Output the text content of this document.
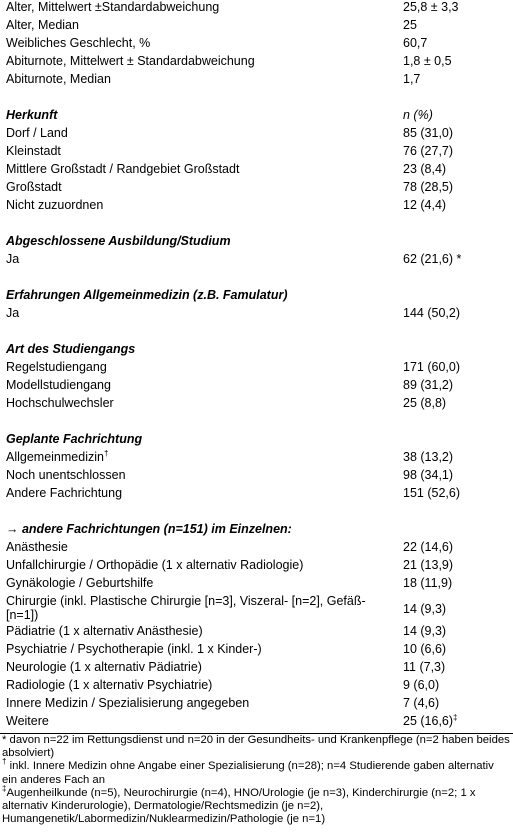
Alter, Mittelwert ±Standardabweichung	25,8 ± 3,3
Alter, Median	25
Weibliches Geschlecht, %	60,7
Abiturnote, Mittelwert ± Standardabweichung	1,8 ± 0,5
Abiturnote, Median	1,7

Herkunft	n (%)
Dorf / Land	85 (31,0)
Kleinstadt	76 (27,7)
Mittlere Großstadt / Randgebiet Großstadt	23 (8,4)
Großstadt	78 (28,5)
Nicht zuzuordnen	12 (4,4)

Abgeschlossene Ausbildung/Studium	
Ja	62 (21,6) *

Erfahrungen Allgemeinmedizin (z.B. Famulatur)	
Ja	144 (50,2)

Art des Studiengangs	
Regelstudiengang	171 (60,0)
Modellstudiengang	89 (31,2)
Hochschulwechsler	25 (8,8)

Geplante Fachrichtung	
Allgemeinmedizin†	38 (13,2)
Noch unentschlossen	98 (34,1)
Andere Fachrichtung	151 (52,6)

→ andere Fachrichtungen (n=151) im Einzelnen:	
Anästhesie	22 (14,6)
Unfallchirurgie / Orthopädie (1 x alternativ Radiologie)	21 (13,9)
Gynäkologie / Geburtshilfe	18 (11,9)
Chirurgie (inkl. Plastische Chirurgie [n=3], Viszeral- [n=2], Gefäß- [n=1])	14 (9,3)
Pädiatrie (1 x alternativ Anästhesie)	14 (9,3)
Psychiatrie / Psychotherapie (inkl. 1 x Kinder-)	10 (6,6)
Neurologie (1 x alternativ Pädiatrie)	11 (7,3)
Radiologie (1 x alternativ Psychiatrie)	9 (6,0)
Innere Medizin / Spezialisierung angegeben	7 (4,6)
Weitere	25 (16,6)‡

* davon n=22 im Rettungsdienst und n=20 in der Gesundheits- und Krankenpflege (n=2 haben beides absolviert)

† inkl. Innere Medizin ohne Angabe einer Spezialisierung (n=28); n=4 Studierende gaben alternativ ein anderes Fach an

‡Augenheilkunde (n=5), Neurochirurgie (n=4), HNO/Urologie (je n=3), Kinderchirurgie (n=2; 1 x alternativ Kinderurologie), Dermatologie/Rechtsmedizin (je n=2), Humangenetik/Labormedizin/Nuklearmedizin/Pathologie (je n=1)
